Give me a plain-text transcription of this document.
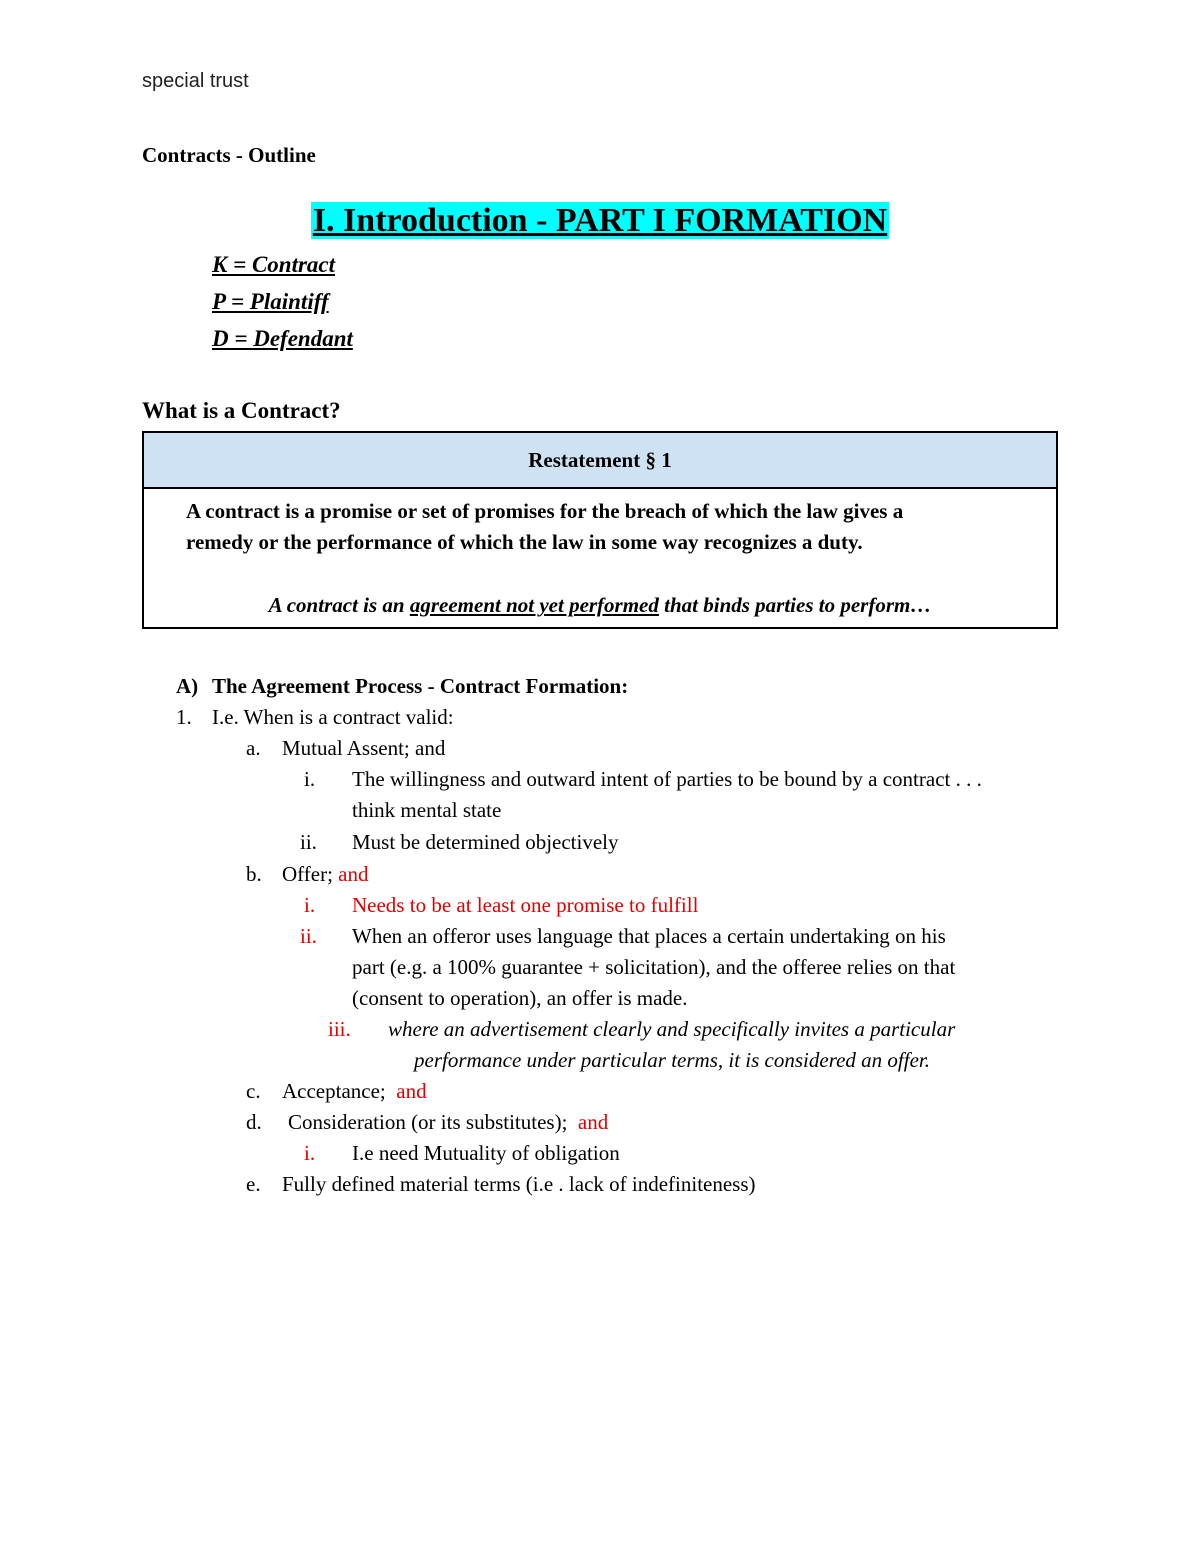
special trust
Contracts - Outline
I. Introduction - PART I FORMATION
K = Contract
P = Plaintiff
D = Defendant
What is a Contract?
Restatement § 1
A contract is a promise or set of promises for the breach of which the law gives a
remedy or the performance of which the law in some way recognizes a duty.
A contract is an agreement not yet performed that binds parties to perform…
A) The Agreement Process - Contract Formation:
1. I.e. When is a contract valid:
a. Mutual Assent; and
i. The willingness and outward intent of parties to be bound by a contract . . .
think mental state
ii. Must be determined objectively
b. Offer; and
i. Needs to be at least one promise to fulfill
ii. When an offeror uses language that places a certain undertaking on his
part (e.g. a 100% guarantee + solicitation), and the offeree relies on that
(consent to operation), an offer is made.
iii. where an advertisement clearly and specifically invites a particular
performance under particular terms, it is considered an offer.
c. Acceptance;  and
d. Consideration (or its substitutes);  and
i. I.e need Mutuality of obligation
e. Fully defined material terms (i.e . lack of indefiniteness)
